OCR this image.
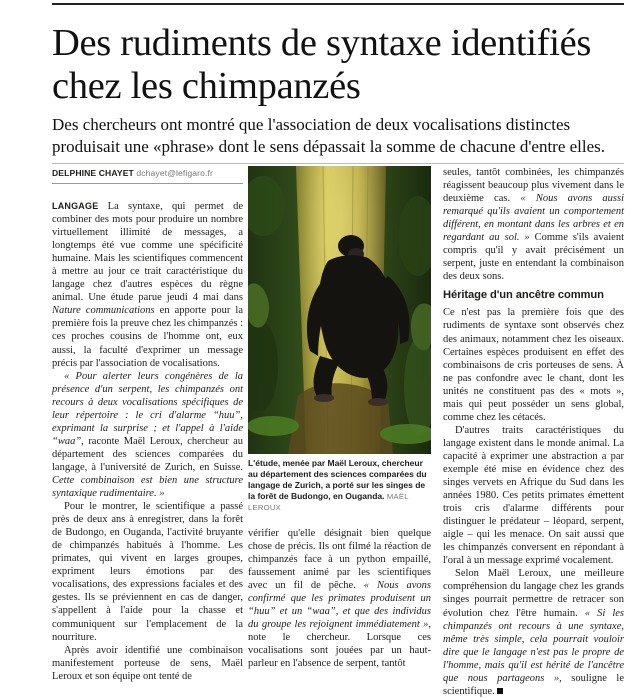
Des rudiments de syntaxe identifiés chez les chimpanzés

Des chercheurs ont montré que l'association de deux vocalisations distinctes produisait une «phrase» dont le sens dépassait la somme de chacune d'entre elles.

DELPHINE CHAYET dchayet@lefigaro.fr

LANGAGE La syntaxe, qui permet de combiner des mots pour produire un nombre virtuellement illimité de messages, a longtemps été vue comme une spécificité humaine. Mais les scientifiques commencent à mettre au jour ce trait caractéristique du langage chez d'autres espèces du règne animal. Une étude parue jeudi 4 mai dans Nature communications en apporte pour la première fois la preuve chez les chimpanzés : ces proches cousins de l'homme ont, eux aussi, la faculté d'exprimer un message précis par l'association de vocalisations.

« Pour alerter leurs congénères de la présence d'un serpent, les chimpanzés ont recours à deux vocalisations spécifiques de leur répertoire : le cri d'alarme “huu”, exprimant la surprise ; et l'appel à l'aide “waa”, raconte Maël Leroux, chercheur au département des sciences comparées du langage, à l'université de Zurich, en Suisse. Cette combinaison est bien une structure syntaxique rudimentaire. »

Pour le montrer, le scientifique a passé près de deux ans à enregistrer, dans la forêt de Budongo, en Ouganda, l'activité bruyante de chimpanzés habitués à l'homme. Les primates, qui vivent en larges groupes, expriment leurs émotions par des vocalisations, des expressions faciales et des gestes. Ils se préviennent en cas de danger, s'appellent à l'aide pour la chasse et communiquent sur l'emplacement de la nourriture.

Après avoir identifié une combinaison manifestement porteuse de sens, Maël Leroux et son équipe ont tenté de

L'étude, menée par Maël Leroux, chercheur au département des sciences comparées du langage de Zurich, a porté sur les singes de la forêt de Budongo, en Ouganda. MAËL LEROUX

vérifier qu'elle désignait bien quelque chose de précis. Ils ont filmé la réaction de chimpanzés face à un python empaillé, faussement animé par les scientifiques avec un fil de pêche. « Nous avons confirmé que les primates produisent un “huu” et un “waa”, et que des individus du groupe les rejoignent immédiatement », note le chercheur. Lorsque ces vocalisations sont jouées par un haut-parleur en l'absence de serpent, tantôt

seules, tantôt combinées, les chimpanzés réagissent beaucoup plus vivement dans le deuxième cas. « Nous avons aussi remarqué qu'ils avaient un comportement différent, en montant dans les arbres et en regardant au sol. » Comme s'ils avaient compris qu'il y avait précisément un serpent, juste en entendant la combinaison des deux sons.

Héritage d'un ancêtre commun

Ce n'est pas la première fois que des rudiments de syntaxe sont observés chez des animaux, notamment chez les oiseaux. Certaines espèces produisent en effet des combinaisons de cris porteuses de sens. À ne pas confondre avec le chant, dont les unités ne constituent pas des « mots », mais qui peut posséder un sens global, comme chez les cétacés.

D'autres traits caractéristiques du langage existent dans le monde animal. La capacité à exprimer une abstraction a par exemple été mise en évidence chez des singes vervets en Afrique du Sud dans les années 1980. Ces petits primates émettent trois cris d'alarme différents pour distinguer le prédateur – léopard, serpent, aigle – qui les menace. On sait aussi que les chimpanzés conversent en répondant à l'oral à un message exprimé vocalement.

Selon Maël Leroux, une meilleure compréhension du langage chez les grands singes pourrait permettre de retracer son évolution chez l'être humain. « Si les chimpanzés ont recours à une syntaxe, même très simple, cela pourrait vouloir dire que le langage n'est pas le propre de l'homme, mais qu'il est hérité de l'ancêtre que nous partageons », souligne le scientifique.
